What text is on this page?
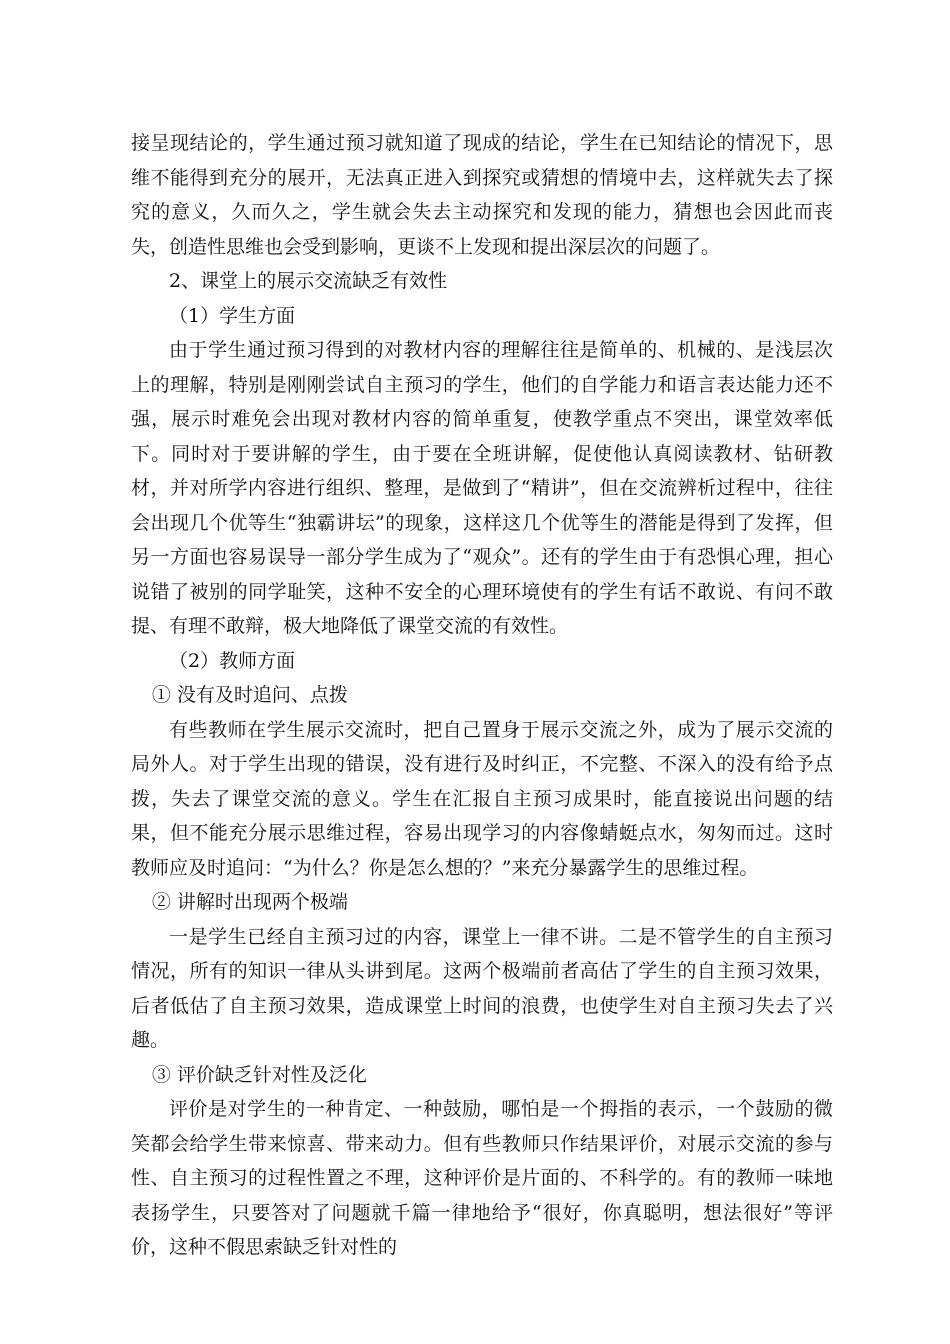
接呈现结论的，学生通过预习就知道了现成的结论，学生在已知结论的情况下，思维不能得到充分的展开，无法真正进入到探究或猜想的情境中去，这样就失去了探究的意义，久而久之，学生就会失去主动探究和发现的能力，猜想也会因此而丧失，创造性思维也会受到影响，更谈不上发现和提出深层次的问题了。

2、课堂上的展示交流缺乏有效性

（1）学生方面

由于学生通过预习得到的对教材内容的理解往往是简单的、机械的、是浅层次上的理解，特别是刚刚尝试自主预习的学生，他们的自学能力和语言表达能力还不强，展示时难免会出现对教材内容的简单重复，使教学重点不突出，课堂效率低下。同时对于要讲解的学生，由于要在全班讲解，促使他认真阅读教材、钻研教材，并对所学内容进行组织、整理，是做到了“精讲”，但在交流辨析过程中，往往会出现几个优等生“独霸讲坛”的现象，这样这几个优等生的潜能是得到了发挥，但另一方面也容易误导一部分学生成为了“观众”。还有的学生由于有恐惧心理，担心说错了被别的同学耻笑，这种不安全的心理环境使有的学生有话不敢说、有问不敢提、有理不敢辩，极大地降低了课堂交流的有效性。

（2）教师方面

① 没有及时追问、点拨

有些教师在学生展示交流时，把自己置身于展示交流之外，成为了展示交流的局外人。对于学生出现的错误，没有进行及时纠正，不完整、不深入的没有给予点拨，失去了课堂交流的意义。学生在汇报自主预习成果时，能直接说出问题的结果，但不能充分展示思维过程，容易出现学习的内容像蜻蜓点水，匆匆而过。这时教师应及时追问：“为什么？你是怎么想的？”来充分暴露学生的思维过程。

② 讲解时出现两个极端

一是学生已经自主预习过的内容，课堂上一律不讲。二是不管学生的自主预习情况，所有的知识一律从头讲到尾。这两个极端前者高估了学生的自主预习效果，后者低估了自主预习效果，造成课堂上时间的浪费，也使学生对自主预习失去了兴趣。

③ 评价缺乏针对性及泛化

评价是对学生的一种肯定、一种鼓励，哪怕是一个拇指的表示，一个鼓励的微笑都会给学生带来惊喜、带来动力。但有些教师只作结果评价，对展示交流的参与性、自主预习的过程性置之不理，这种评价是片面的、不科学的。有的教师一味地表扬学生，只要答对了问题就千篇一律地给予“很好，你真聪明，想法很好”等评价，这种不假思索缺乏针对性的
